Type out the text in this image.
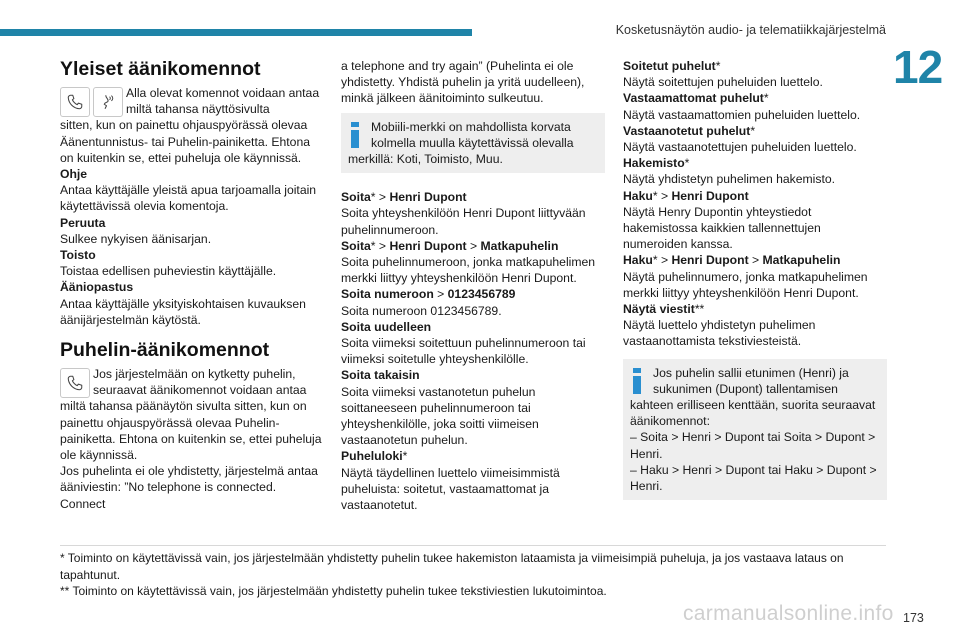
Kosketusnäytön audio- ja telematiikkajärjestelmä
12
Yleiset äänikomennot
Alla olevat komennot voidaan antaa miltä tahansa näyttösivulta

sitten, kun on painettu ohjauspyörässä olevaa Äänentunnistus- tai Puhelin-painiketta. Ehtona on kuitenkin se, ettei puheluja ole käynnissä.

Ohje

Antaa käyttäjälle yleistä apua tarjoamalla joitain käytettävissä olevia komentoja.

Peruuta

Sulkee nykyisen äänisarjan.

Toisto

Toistaa edellisen puheviestin käyttäjälle.

Ääniopastus

Antaa käyttäjälle yksityiskohtaisen kuvauksen äänijärjestelmän käytöstä.

Puhelin-äänikomennot
Jos järjestelmään on kytketty puhelin, seuraavat äänikomennot voidaan antaa

miltä tahansa päänäytön sivulta sitten, kun on painettu ohjauspyörässä olevaa Puhelin-painiketta. Ehtona on kuitenkin se, ettei puheluja ole käynnissä.

Jos puhelinta ei ole yhdistetty, järjestelmä antaa ääniviestin: ”No telephone is connected. Connect

a telephone and try again” (Puhelinta ei ole yhdistetty. Yhdistä puhelin ja yritä uudelleen), minkä jälkeen äänitoiminto sulkeutuu.

Mobiili-merkki on mahdollista korvata kolmella muulla käytettävissä olevalla merkillä: Koti, Toimisto, Muu.

Soita* > Henri Dupont

Soita yhteyshenkilöön Henri Dupont liittyvään puhelinnumeroon.

Soita* > Henri Dupont > Matkapuhelin

Soita puhelinnumeroon, jonka matkapuhelimen merkki liittyy yhteyshenkilöön Henri Dupont.

Soita numeroon > 0123456789

Soita numeroon 0123456789.

Soita uudelleen

Soita viimeksi soitettuun puhelinnumeroon tai viimeksi soitetulle yhteyshenkilölle.

Soita takaisin

Soita viimeksi vastanotetun puhelun soittaneeseen puhelinnumeroon tai yhteyshenkilölle, joka soitti viimeisen vastaanotetun puhelun.

Puheluloki*

Näytä täydellinen luettelo viimeisimmistä puheluista: soitetut, vastaamattomat ja vastaanotetut.

Soitetut puhelut*

Näytä soitettujen puheluiden luettelo.

Vastaamattomat puhelut*

Näytä vastaamattomien puheluiden luettelo.

Vastaanotetut puhelut*

Näytä vastaanotettujen puheluiden luettelo.

Hakemisto*

Näytä yhdistetyn puhelimen hakemisto.

Haku* > Henri Dupont

Näytä Henry Dupontin yhteystiedot hakemistossa kaikkien tallennettujen numeroiden kanssa.

Haku* > Henri Dupont > Matkapuhelin

Näytä puhelinnumero, jonka matkapuhelimen merkki liittyy yhteyshenkilöön Henri Dupont.

Näytä viestit**

Näytä luettelo yhdistetyn puhelimen vastaanottamista tekstiviesteistä.

Jos puhelin sallii etunimen (Henri) ja sukunimen (Dupont) tallentamisen kahteen erilliseen kenttään, suorita seuraavat äänikomennot:

– Soita > Henri > Dupont tai Soita > Dupont > Henri.

– Haku > Henri > Dupont tai Haku > Dupont > Henri.

* Toiminto on käytettävissä vain, jos järjestelmään yhdistetty puhelin tukee hakemiston lataamista ja viimeisimpiä puheluja, ja jos vastaava lataus on tapahtunut.

** Toiminto on käytettävissä vain, jos järjestelmään yhdistetty puhelin tukee tekstiviestien lukutoimintoa.

carmanualsonline.info 173
